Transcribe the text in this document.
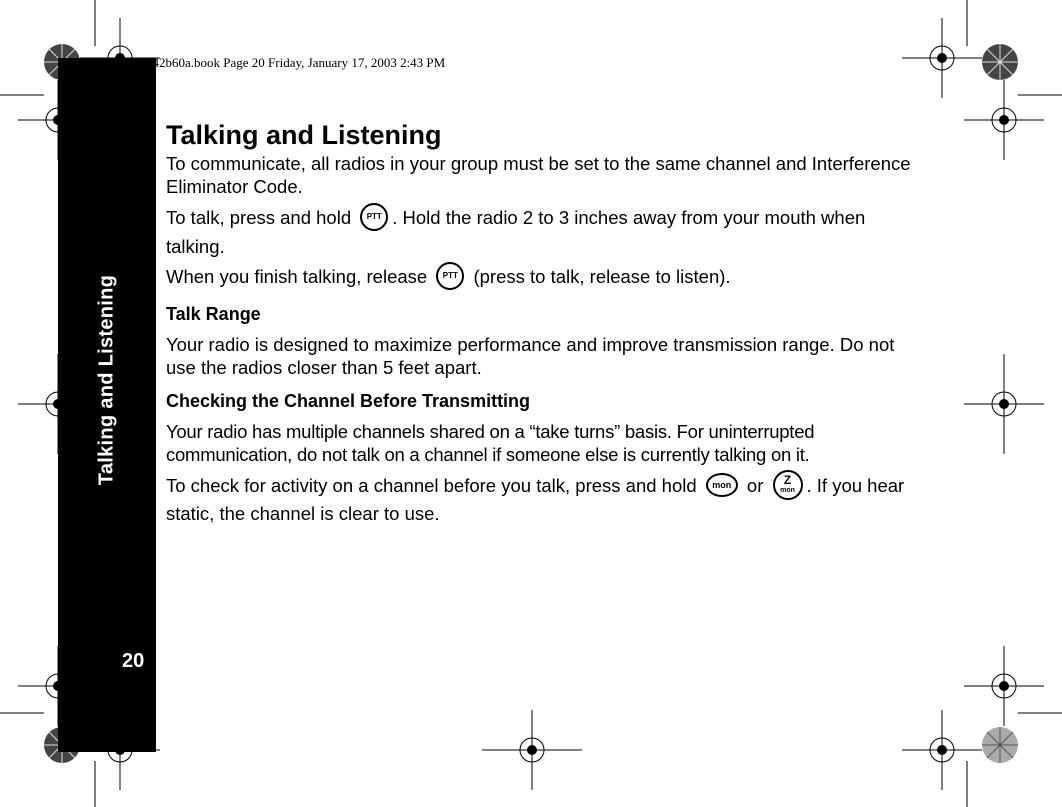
Talking and Listening
20
042b60a.book Page 20 Friday, January 17, 2003 2:43 PM
Talking and Listening

To communicate, all radios in your group must be set to the same channel and Interference Eliminator Code.

To talk, press and hold PTT . Hold the radio 2 to 3 inches away from your mouth when talking.

When you finish talking, release PTT (press to talk, release to listen).

Talk Range

Your radio is designed to maximize performance and improve transmission range. Do not use the radios closer than 5 feet apart.

Checking the Channel Before Transmitting

Your radio has multiple channels shared on a “take turns” basis. For uninterrupted communication, do not talk on a channel if someone else is currently talking on it.

To check for activity on a channel before you talk, press and hold mon or	Z
mon . If you hear static, the channel is clear to use.
